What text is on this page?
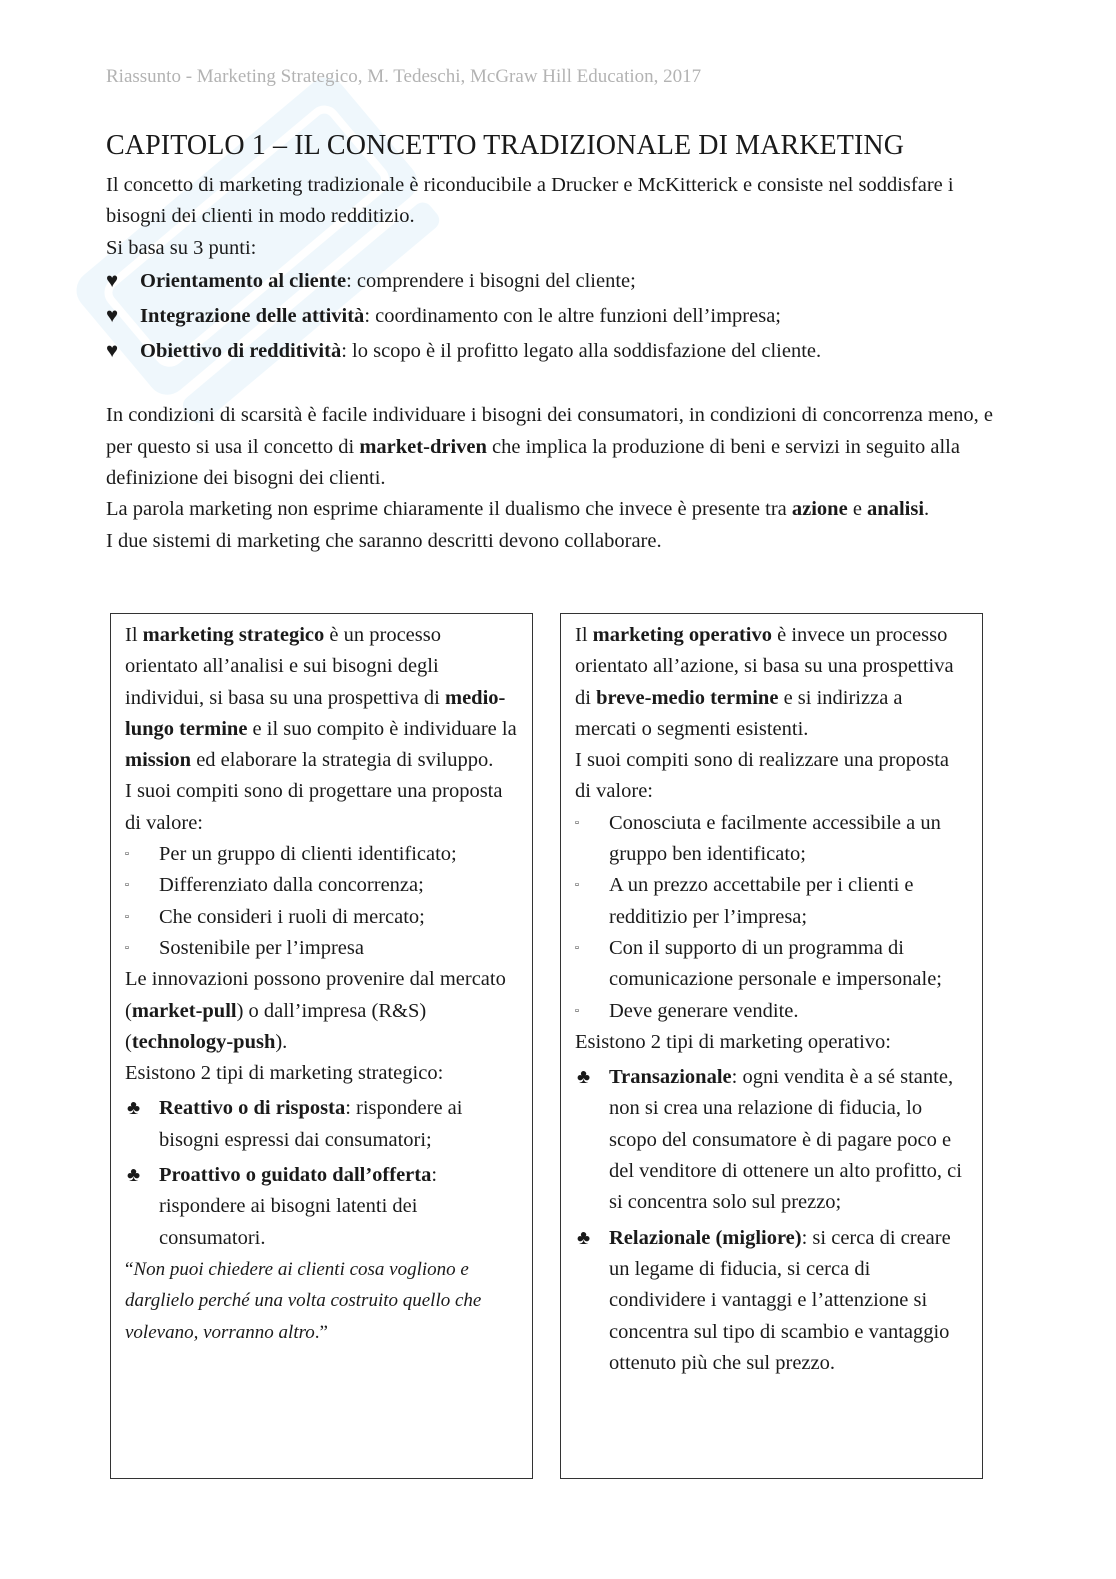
Riassunto - Marketing Strategico, M. Tedeschi, McGraw Hill Education, 2017
CAPITOLO 1 – IL CONCETTO TRADIZIONALE DI MARKETING

Il concetto di marketing tradizionale è riconducibile a Drucker e McKitterick e consiste nel soddisfare i bisogni dei clienti in modo redditizio.

Si basa su 3 punti:

♥ Orientamento al cliente: comprendere i bisogni del cliente;
♥ Integrazione delle attività: coordinamento con le altre funzioni dell’impresa;
♥ Obiettivo di redditività: lo scopo è il profitto legato alla soddisfazione del cliente.

In condizioni di scarsità è facile individuare i bisogni dei consumatori, in condizioni di concorrenza meno, e per questo si usa il concetto di market-driven che implica la produzione di beni e servizi in seguito alla definizione dei bisogni dei clienti.

La parola marketing non esprime chiaramente il dualismo che invece è presente tra azione e analisi.

I due sistemi di marketing che saranno descritti devono collaborare.

Il marketing strategico è un processo orientato all’analisi e sui bisogni degli individui, si basa su una prospettiva di medio-lungo termine e il suo compito è individuare la mission ed elaborare la strategia di sviluppo.

I suoi compiti sono di progettare una proposta di valore:

▫ Per un gruppo di clienti identificato;
▫ Differenziato dalla concorrenza;
▫ Che consideri i ruoli di mercato;
▫ Sostenibile per l’impresa

Le innovazioni possono provenire dal mercato (market-pull) o dall’impresa (R&S)(technology-push).

Esistono 2 tipi di marketing strategico:

♣ Reattivo o di risposta: rispondere ai bisogni espressi dai consumatori;
♣ Proattivo o guidato dall’offerta: rispondere ai bisogni latenti dei consumatori.

“Non puoi chiedere ai clienti cosa vogliono e darglielo perché una volta costruito quello che volevano, vorranno altro.”

Il marketing operativo è invece un processo orientato all’azione, si basa su una prospettiva di breve-medio termine e si indirizza a mercati o segmenti esistenti.

I suoi compiti sono di realizzare una proposta di valore:

▫ Conosciuta e facilmente accessibile a un gruppo ben identificato;
▫ A un prezzo accettabile per i clienti e redditizio per l’impresa;
▫ Con il supporto di un programma di comunicazione personale e impersonale;
▫ Deve generare vendite.

Esistono 2 tipi di marketing operativo:

♣ Transazionale: ogni vendita è a sé stante, non si crea una relazione di fiducia, lo scopo del consumatore è di pagare poco e del venditore di ottenere un alto profitto, ci si concentra solo sul prezzo;
♣ Relazionale (migliore): si cerca di creare un legame di fiducia, si cerca di condividere i vantaggi e l’attenzione si concentra sul tipo di scambio e vantaggio ottenuto più che sul prezzo.
